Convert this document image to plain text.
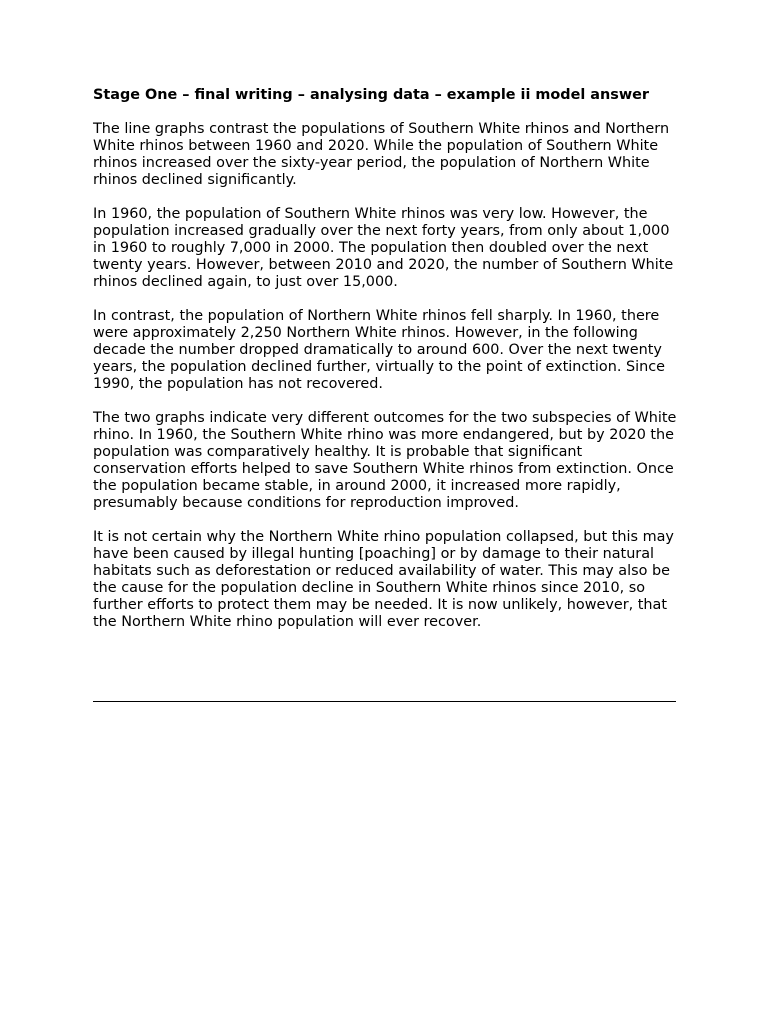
Stage One – final writing – analysing data – example ii model answer

The line graphs contrast the populations of Southern White rhinos and Northern White rhinos between 1960 and 2020. While the population of Southern White rhinos increased over the sixty-year period, the population of Northern White rhinos declined significantly.

In 1960, the population of Southern White rhinos was very low. However, the population increased gradually over the next forty years, from only about 1,000 in 1960 to roughly 7,000 in 2000. The population then doubled over the next twenty years. However, between 2010 and 2020, the number of Southern White rhinos declined again, to just over 15,000.

In contrast, the population of Northern White rhinos fell sharply. In 1960, there were approximately 2,250 Northern White rhinos. However, in the following decade the number dropped dramatically to around 600. Over the next twenty years, the population declined further, virtually to the point of extinction. Since 1990, the population has not recovered.

The two graphs indicate very different outcomes for the two subspecies of White rhino. In 1960, the Southern White rhino was more endangered, but by 2020 the population was comparatively healthy. It is probable that significant conservation efforts helped to save Southern White rhinos from extinction. Once the population became stable, in around 2000, it increased more rapidly, presumably because conditions for reproduction improved.

It is not certain why the Northern White rhino population collapsed, but this may have been caused by illegal hunting [poaching] or by damage to their natural habitats such as deforestation or reduced availability of water. This may also be the cause for the population decline in Southern White rhinos since 2010, so further efforts to protect them may be needed. It is now unlikely, however, that the Northern White rhino population will ever recover.
